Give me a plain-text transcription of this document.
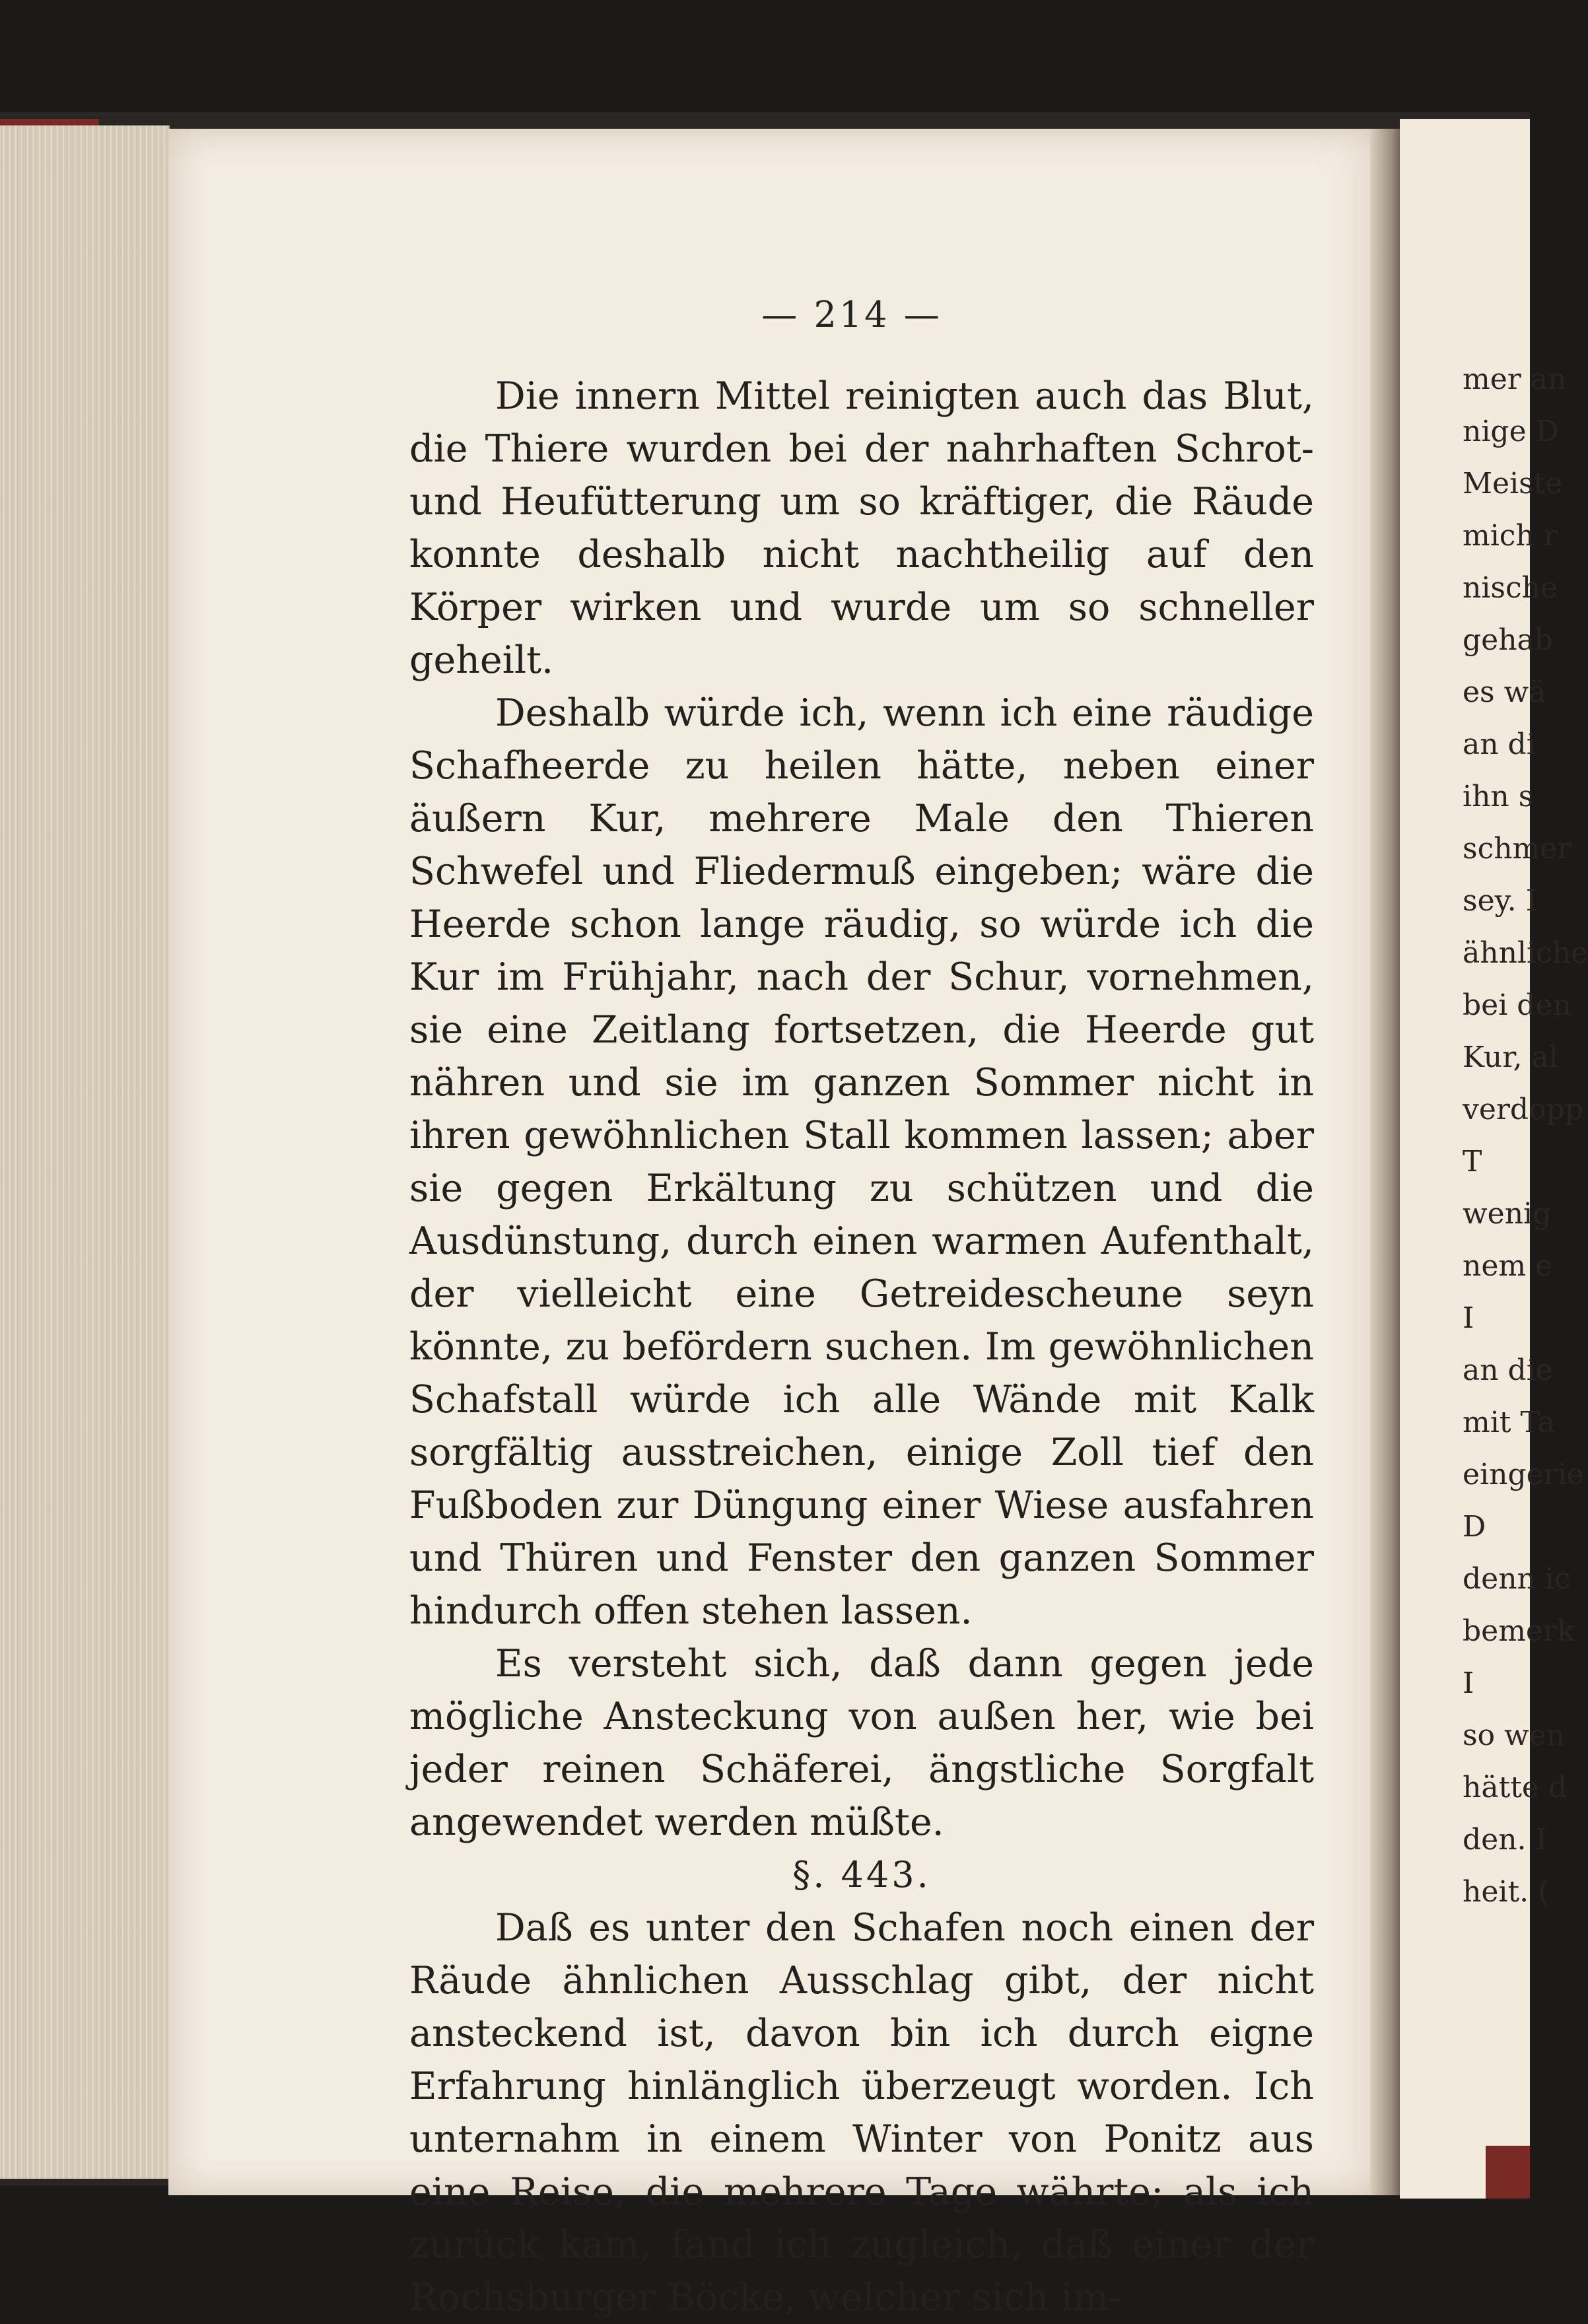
— 214 —

Die innern Mittel reinigten auch das Blut, die Thiere wurden bei der nahrhaften Schrot- und Heufütterung um so kräftiger, die Räude konnte deshalb nicht nachtheilig auf den Körper wirken und wurde um so schneller geheilt.

Deshalb würde ich, wenn ich eine räudige Schafheerde zu heilen hätte, neben einer äußern Kur, mehrere Male den Thieren Schwefel und Fliedermuß eingeben; wäre die Heerde schon lange räudig, so würde ich die Kur im Frühjahr, nach der Schur, vornehmen, sie eine Zeitlang fortsetzen, die Heerde gut nähren und sie im ganzen Sommer nicht in ihren gewöhnlichen Stall kommen lassen; aber sie gegen Erkältung zu schützen und die Ausdünstung, durch einen warmen Aufenthalt, der vielleicht eine Getreidescheune seyn könnte, zu befördern suchen. Im gewöhnlichen Schafstall würde ich alle Wände mit Kalk sorgfältig ausstreichen, einige Zoll tief den Fußboden zur Düngung einer Wiese ausfahren und Thüren und Fenster den ganzen Sommer hindurch offen stehen lassen.

Es versteht sich, daß dann gegen jede mögliche Ansteckung von außen her, wie bei jeder reinen Schäferei, ängstliche Sorgfalt angewendet werden müßte.

§. 443.

Daß es unter den Schafen noch einen der Räude ähnlichen Ausschlag gibt, der nicht ansteckend ist, davon bin ich durch eigne Erfahrung hinlänglich überzeugt worden. Ich unternahm in einem Winter von Ponitz aus eine Reise, die mehrere Tage währte; als ich zurück kam, fand ich zugleich, daß einer der Rochsburger Böcke, welcher sich im-

mer an
nige D
Meiste
mich r
nische
gehab
es wä
an di
ihn s
schmer
sey. I
ähnliche
bei den
Kur, al
verdopp
T
wenig
nem e
I
an die
mit Ta
eingerie
D
denn ic
bemerk
I
so wen
hätte d
den. I
heit. (
